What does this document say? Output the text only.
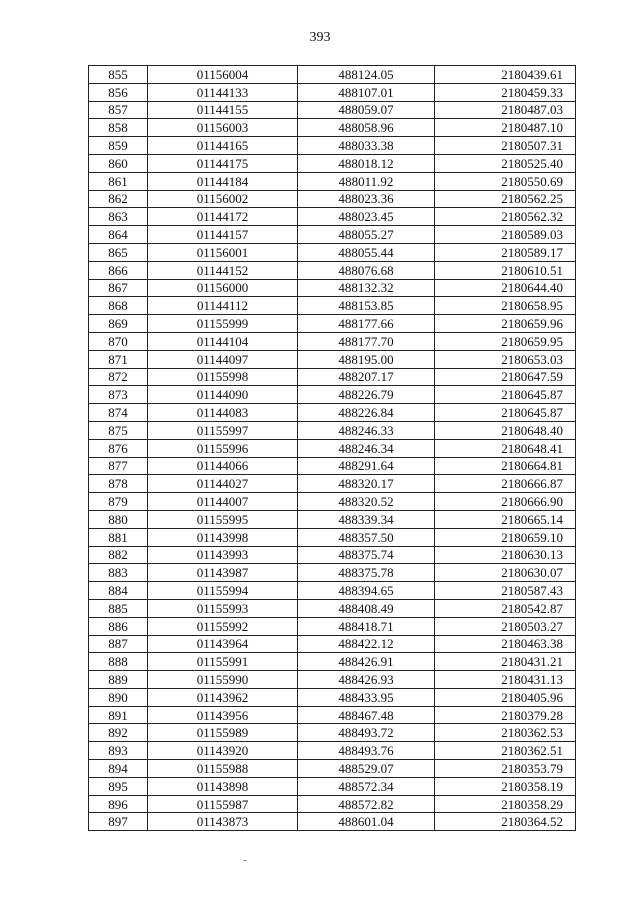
393
855	01156004	488124.05	2180439.61
856	01144133	488107.01	2180459.33
857	01144155	488059.07	2180487.03
858	01156003	488058.96	2180487.10
859	01144165	488033.38	2180507.31
860	01144175	488018.12	2180525.40
861	01144184	488011.92	2180550.69
862	01156002	488023.36	2180562.25
863	01144172	488023.45	2180562.32
864	01144157	488055.27	2180589.03
865	01156001	488055.44	2180589.17
866	01144152	488076.68	2180610.51
867	01156000	488132.32	2180644.40
868	01144112	488153.85	2180658.95
869	01155999	488177.66	2180659.96
870	01144104	488177.70	2180659.95
871	01144097	488195.00	2180653.03
872	01155998	488207.17	2180647.59
873	01144090	488226.79	2180645.87
874	01144083	488226.84	2180645.87
875	01155997	488246.33	2180648.40
876	01155996	488246.34	2180648.41
877	01144066	488291.64	2180664.81
878	01144027	488320.17	2180666.87
879	01144007	488320.52	2180666.90
880	01155995	488339.34	2180665.14
881	01143998	488357.50	2180659.10
882	01143993	488375.74	2180630.13
883	01143987	488375.78	2180630.07
884	01155994	488394.65	2180587.43
885	01155993	488408.49	2180542.87
886	01155992	488418.71	2180503.27
887	01143964	488422.12	2180463.38
888	01155991	488426.91	2180431.21
889	01155990	488426.93	2180431.13
890	01143962	488433.95	2180405.96
891	01143956	488467.48	2180379.28
892	01155989	488493.72	2180362.53
893	01143920	488493.76	2180362.51
894	01155988	488529.07	2180353.79
895	01143898	488572.34	2180358.19
896	01155987	488572.82	2180358.29
897	01143873	488601.04	2180364.52
